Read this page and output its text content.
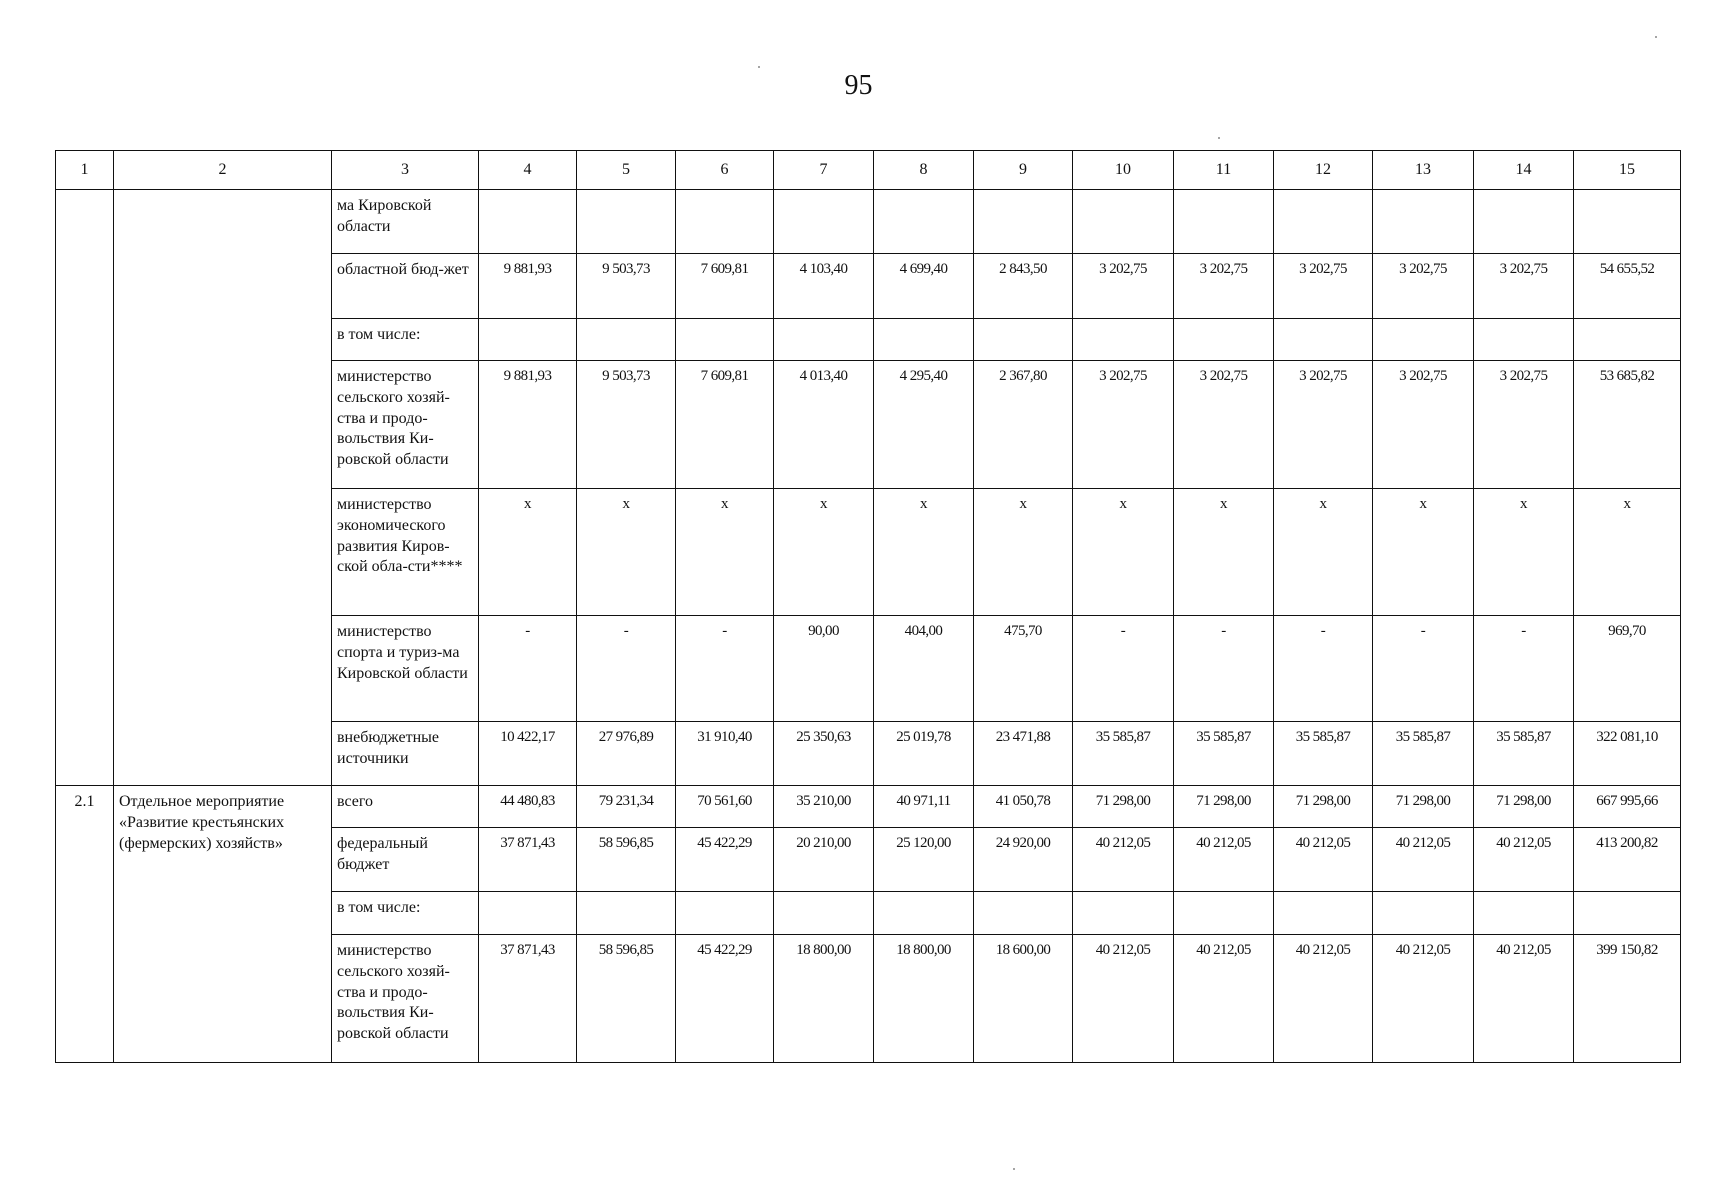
95
1	2	3	4	5	6	7	8	9	10	11	12	13	14	15
		ма Кировской области												
		областной бюд-жет	9 881,93	9 503,73	7 609,81	4 103,40	4 699,40	2 843,50	3 202,75	3 202,75	3 202,75	3 202,75	3 202,75	54 655,52
		в том числе:												
		министерство сельского хозяй-ства и продо-вольствия Ки-ровской области	9 881,93	9 503,73	7 609,81	4 013,40	4 295,40	2 367,80	3 202,75	3 202,75	3 202,75	3 202,75	3 202,75	53 685,82
		министерство экономического развития Киров-ской обла-сти****	x	x	x	x	x	x	x	x	x	x	x	x
		министерство спорта и туриз-ма Кировской области	-	-	-	90,00	404,00	475,70	-	-	-	-	-	969,70
		внебюджетные источники	10 422,17	27 976,89	31 910,40	25 350,63	25 019,78	23 471,88	35 585,87	35 585,87	35 585,87	35 585,87	35 585,87	322 081,10
2.1	Отдельное мероприятие «Развитие крестьянских (фермерских) хозяйств»	всего	44 480,83	79 231,34	70 561,60	35 210,00	40 971,11	41 050,78	71 298,00	71 298,00	71 298,00	71 298,00	71 298,00	667 995,66
		федеральный бюджет	37 871,43	58 596,85	45 422,29	20 210,00	25 120,00	24 920,00	40 212,05	40 212,05	40 212,05	40 212,05	40 212,05	413 200,82
		в том числе:												
		министерство сельского хозяй-ства и продо-вольствия Ки-ровской области	37 871,43	58 596,85	45 422,29	18 800,00	18 800,00	18 600,00	40 212,05	40 212,05	40 212,05	40 212,05	40 212,05	399 150,82
